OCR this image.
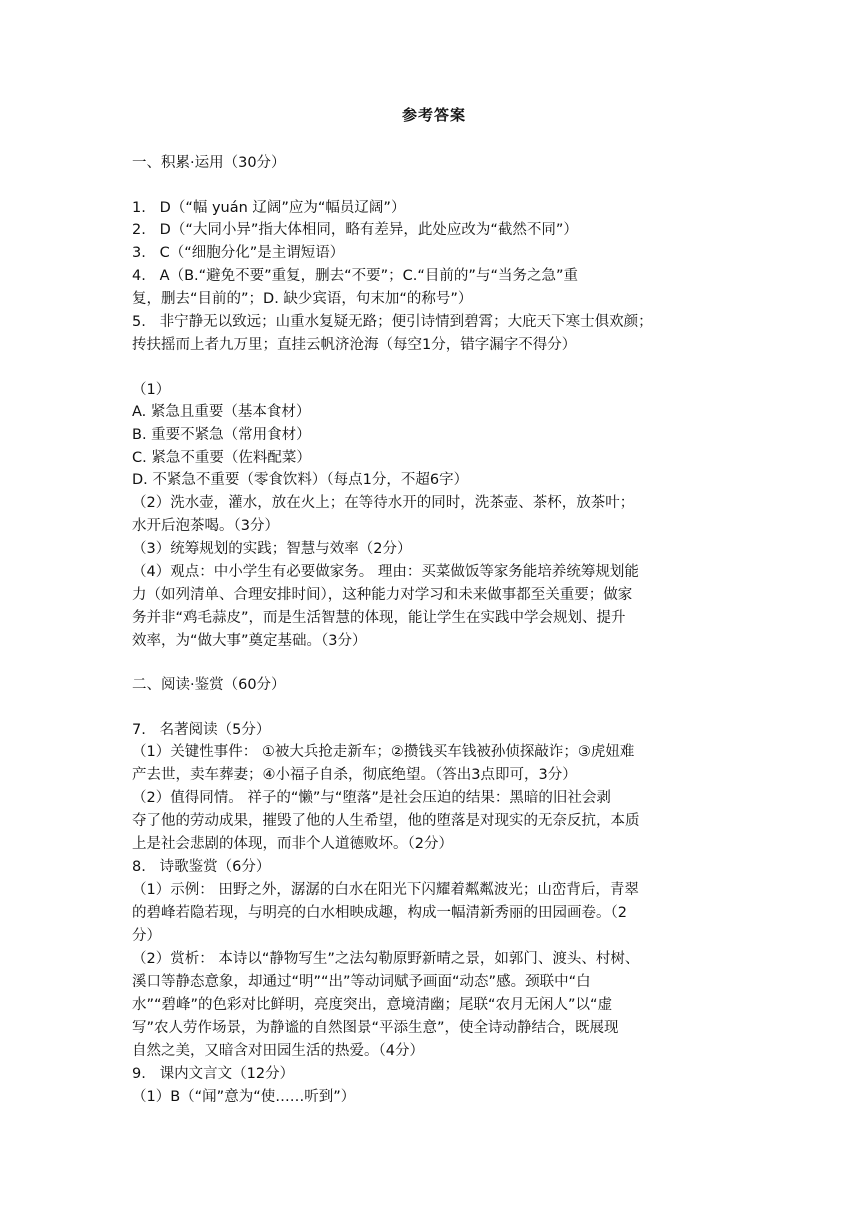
参考答案
一、积累·运用（30分）
1.   D（“幅 yuán 辽阔”应为“幅员辽阔”）
2.   D（“大同小异”指大体相同，略有差异，此处应改为“截然不同”）
3.   C（“细胞分化”是主谓短语）
4.   A（B.“避免不要”重复，删去“不要”；C.“目前的”与“当务之急”重
复，删去“目前的”；D. 缺少宾语，句末加“的称号”）
5.   非宁静无以致远；山重水复疑无路；便引诗情到碧霄；大庇天下寒士俱欢颜；
抟扶摇而上者九万里；直挂云帆济沧海（每空1分，错字漏字不得分）
（1）
A. 紧急且重要（基本食材）
B. 重要不紧急（常用食材）
C. 紧急不重要（佐料配菜）
D. 不紧急不重要（零食饮料）（每点1分，不超6字）
（2）洗水壶，灌水，放在火上；在等待水开的同时，洗茶壶、茶杯，放茶叶；
水开后泡茶喝。（3分）
（3）统筹规划的实践；智慧与效率（2分）
（4）观点：中小学生有必要做家务。 理由：买菜做饭等家务能培养统筹规划能
力（如列清单、合理安排时间），这种能力对学习和未来做事都至关重要；做家
务并非“鸡毛蒜皮”，而是生活智慧的体现，能让学生在实践中学会规划、提升
效率，为“做大事”奠定基础。（3分）
二、阅读·鉴赏（60分）
7.   名著阅读（5分）
（1）关键性事件： ①被大兵抢走新车；②攒钱买车钱被孙侦探敲诈；③虎妞难
产去世，卖车葬妻；④小福子自杀，彻底绝望。（答出3点即可，3分）
（2）值得同情。 祥子的“懒”与“堕落”是社会压迫的结果：黑暗的旧社会剥
夺了他的劳动成果，摧毁了他的人生希望，他的堕落是对现实的无奈反抗，本质
上是社会悲剧的体现，而非个人道德败坏。（2分）
8.   诗歌鉴赏（6分）
（1）示例： 田野之外，潺潺的白水在阳光下闪耀着粼粼波光；山峦背后，青翠
的碧峰若隐若现，与明亮的白水相映成趣，构成一幅清新秀丽的田园画卷。（2
分）
（2）赏析： 本诗以“静物写生”之法勾勒原野新晴之景，如郭门、渡头、村树、
溪口等静态意象，却通过“明”“出”等动词赋予画面“动态”感。颈联中“白
水”“碧峰”的色彩对比鲜明，亮度突出，意境清幽；尾联“农月无闲人”以“虚
写”农人劳作场景，为静谧的自然图景“平添生意”，使全诗动静结合，既展现
自然之美，又暗含对田园生活的热爱。（4分）
9.   课内文言文（12分）
（1）B（“闻”意为“使……听到”）
